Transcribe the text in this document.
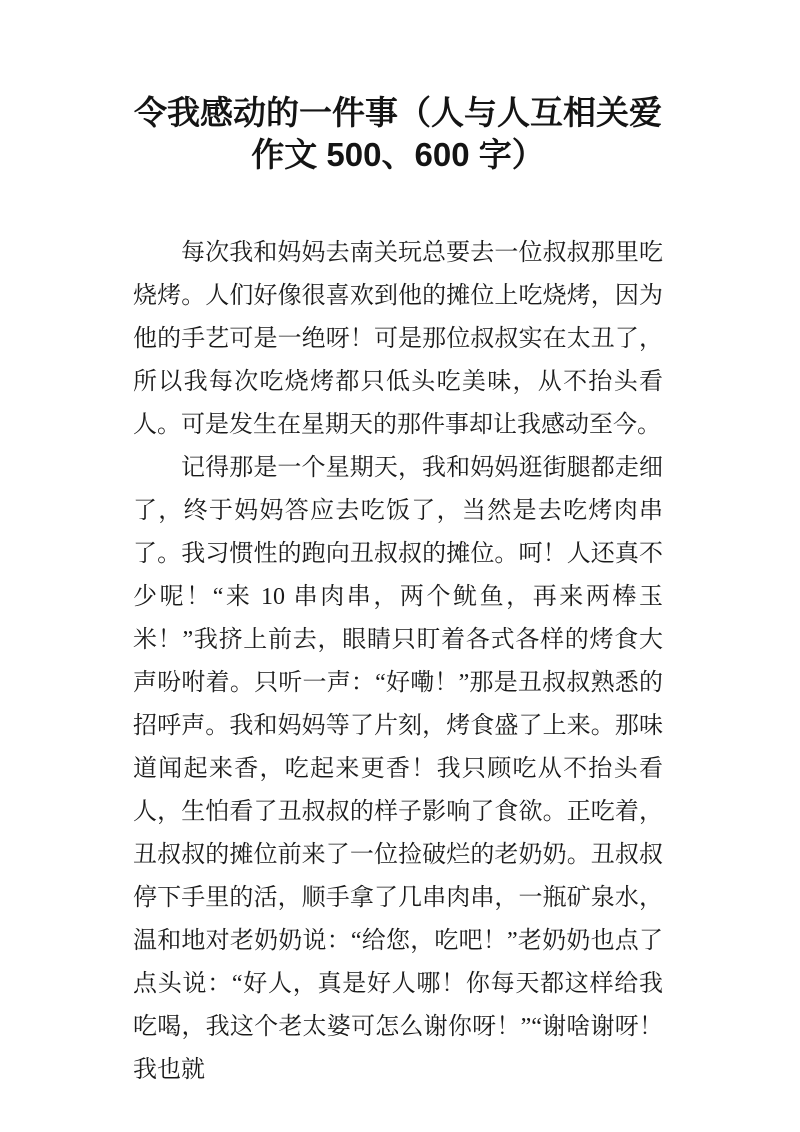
令我感动的一件事（人与人互相关爱作文 500、600 字）

每次我和妈妈去南关玩总要去一位叔叔那里吃烧烤。人们好像很喜欢到他的摊位上吃烧烤，因为他的手艺可是一绝呀！可是那位叔叔实在太丑了，所以我每次吃烧烤都只低头吃美味，从不抬头看人。可是发生在星期天的那件事却让我感动至今。

记得那是一个星期天，我和妈妈逛街腿都走细了，终于妈妈答应去吃饭了，当然是去吃烤肉串了。我习惯性的跑向丑叔叔的摊位。呵！人还真不少呢！“来 10 串肉串，两个鱿鱼，再来两棒玉米！”我挤上前去，眼睛只盯着各式各样的烤食大声吩咐着。只听一声：“好嘞！”那是丑叔叔熟悉的招呼声。我和妈妈等了片刻，烤食盛了上来。那味道闻起来香，吃起来更香！我只顾吃从不抬头看人，生怕看了丑叔叔的样子影响了食欲。正吃着，丑叔叔的摊位前来了一位捡破烂的老奶奶。丑叔叔停下手里的活，顺手拿了几串肉串，一瓶矿泉水，温和地对老奶奶说：“给您，吃吧！”老奶奶也点了点头说：“好人，真是好人哪！你每天都这样给我吃喝，我这个老太婆可怎么谢你呀！”“谢啥谢呀！我也就
